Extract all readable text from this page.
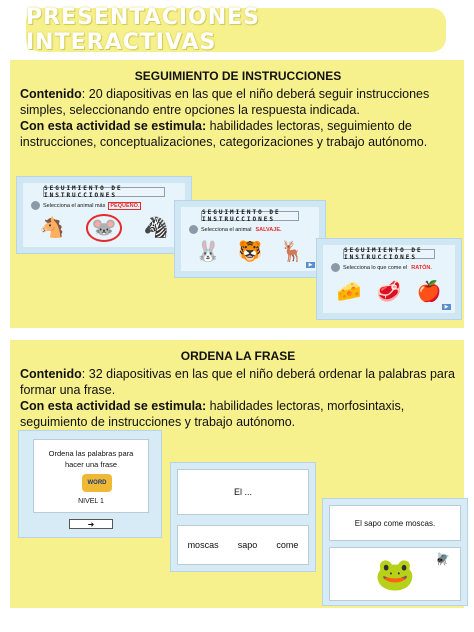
PRESENTACIONES INTERACTIVAS
SEGUIMIENTO DE INSTRUCCIONES

Contenido: 20 diapositivas en las que el niño deberá seguir instrucciones simples, seleccionando entre opciones la respuesta indicada.

Con esta actividad se estimula: habilidades lectoras, seguimiento de instrucciones, conceptualizaciones, categorizaciones y trabajo autónomo.

SEGUIMIENTO DE INSTRUCCIONES
Selecciona el animal más PEQUEÑO.
🐴	🐭	🦓
SEGUIMIENTO DE INSTRUCCIONES
Selecciona el animal SALVAJE.
🐰 🐯 🦌
▶
SEGUIMIENTO DE INSTRUCCIONES
Selecciona lo que come el RATÓN.
🧀 🥩 🍎
▶
ORDENA LA FRASE

Contenido: 32 diapositivas en las que el niño deberá ordenar la palabras para formar una frase.

Con esta actividad se estimula: habilidades lectoras, morfosintaxis, seguimiento de instrucciones y trabajo autónomo.

Ordena las palabras para hacer una frase
WORD
NIVEL 1
➜
El ...
moscas sapo come
El sapo come moscas.
🐸 🪰
